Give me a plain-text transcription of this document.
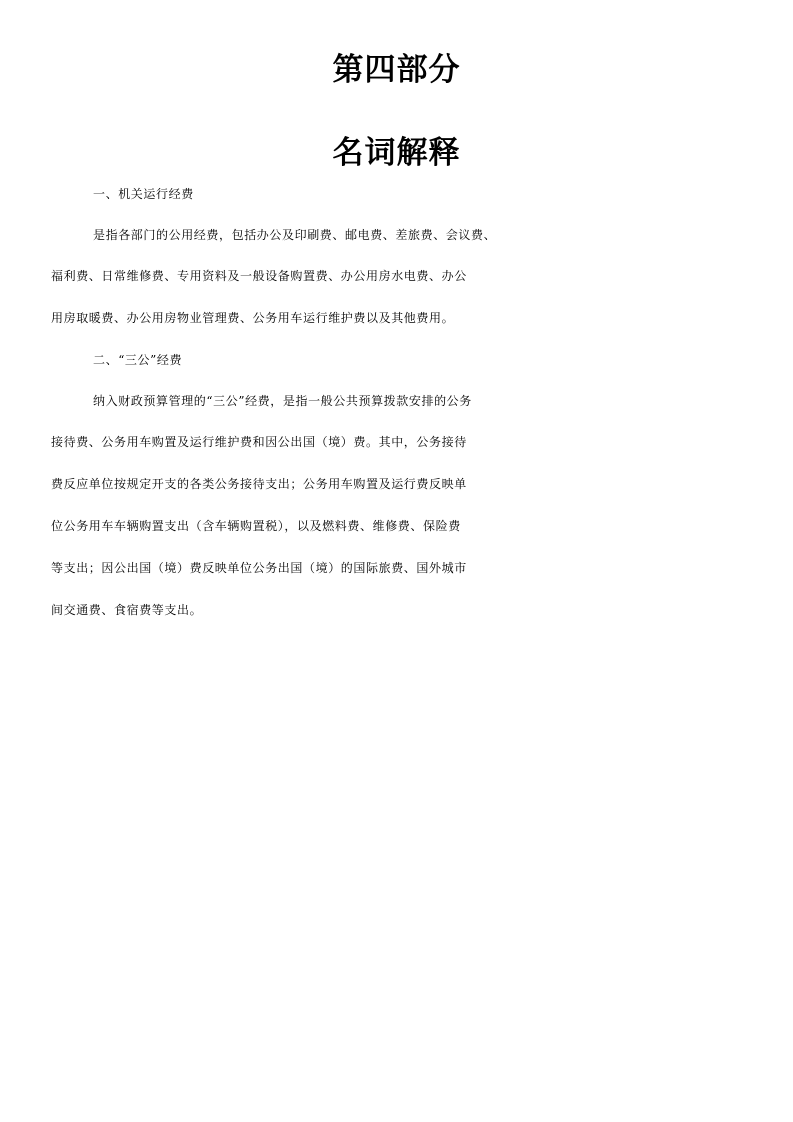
第四部分
名词解释

一、机关运行经费

是指各部门的公用经费，包括办公及印刷费、邮电费、差旅费、会议费、

福利费、日常维修费、专用资料及一般设备购置费、办公用房水电费、办公

用房取暖费、办公用房物业管理费、公务用车运行维护费以及其他费用。

二、“三公”经费

纳入财政预算管理的“三公”经费，是指一般公共预算拨款安排的公务

接待费、公务用车购置及运行维护费和因公出国（境）费。其中，公务接待

费反应单位按规定开支的各类公务接待支出；公务用车购置及运行费反映单

位公务用车车辆购置支出（含车辆购置税），以及燃料费、维修费、保险费

等支出；因公出国（境）费反映单位公务出国（境）的国际旅费、国外城市

间交通费、食宿费等支出。
